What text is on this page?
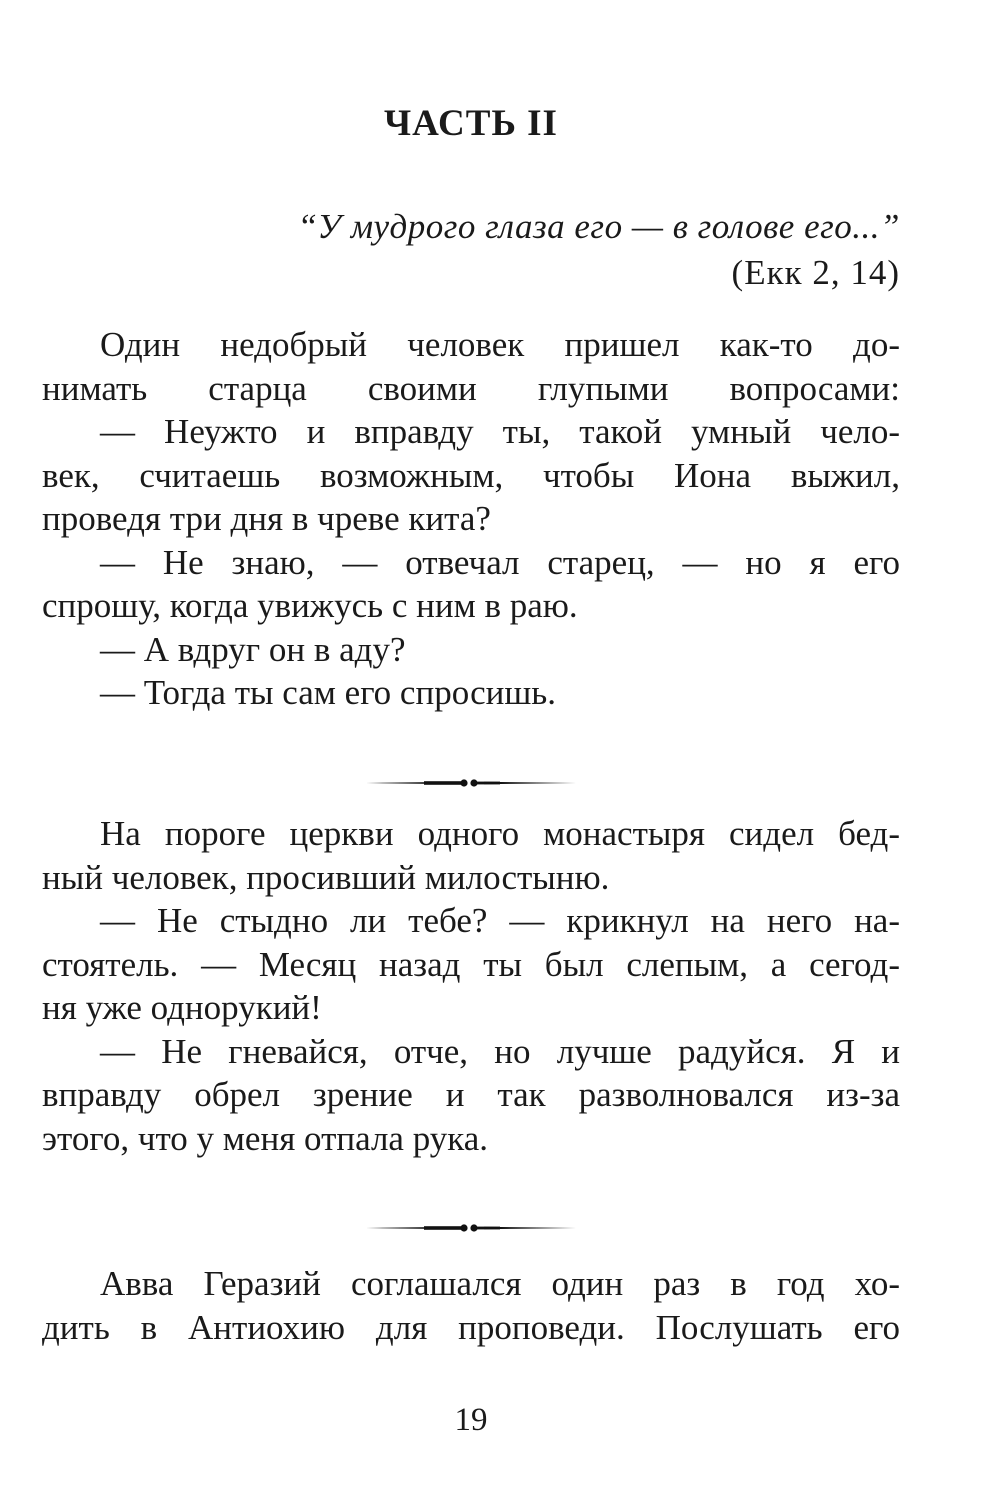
ЧАСТЬ II
“У мудрого глаза его — в голове его...”
(Екк 2, 14)
Один недобрый человек пришел как-то до-
нимать старца своими глупыми вопросами:
— Неужто и вправду ты, такой умный чело-
век, считаешь возможным, чтобы Иона выжил,
проведя три дня в чреве кита?
— Не знаю, — отвечал старец, — но я его
спрошу, когда увижусь с ним в раю.
— А вдруг он в аду?
— Тогда ты сам его спросишь.
На пороге церкви одного монастыря сидел бед-
ный человек, просивший милостыню.
— Не стыдно ли тебе? — крикнул на него на-
стоятель. — Месяц назад ты был слепым, а сегод-
ня уже однорукий!
— Не гневайся, отче, но лучше радуйся. Я и
вправду обрел зрение и так разволновался из-за
этого, что у меня отпала рука.
Авва Геразий соглашался один раз в год хо-
дить в Антиохию для проповеди. Послушать его
19
